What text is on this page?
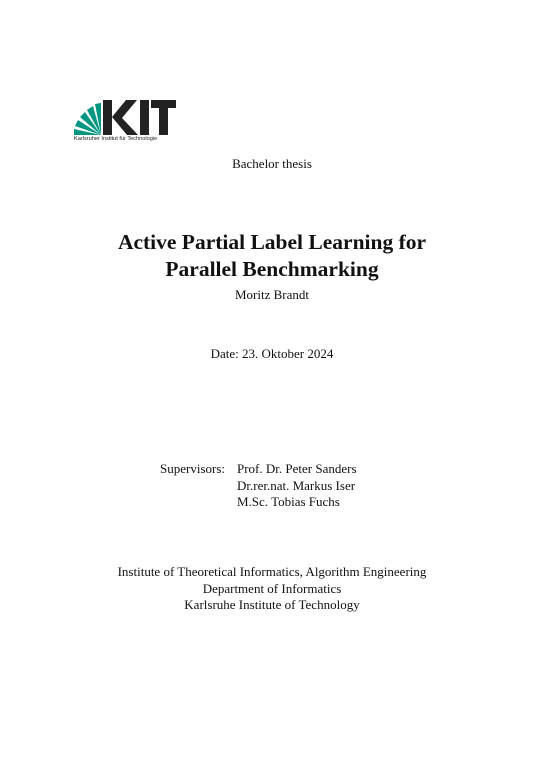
Karlsruher Institut für Technologie
Bachelor thesis
Active Partial Label Learning for
Parallel Benchmarking
Moritz Brandt
Date: 23. Oktober 2024
Supervisors: Prof. Dr. Peter Sanders
Dr.rer.nat. Markus Iser
M.Sc. Tobias Fuchs
Institute of Theoretical Informatics, Algorithm Engineering
Department of Informatics
Karlsruhe Institute of Technology
